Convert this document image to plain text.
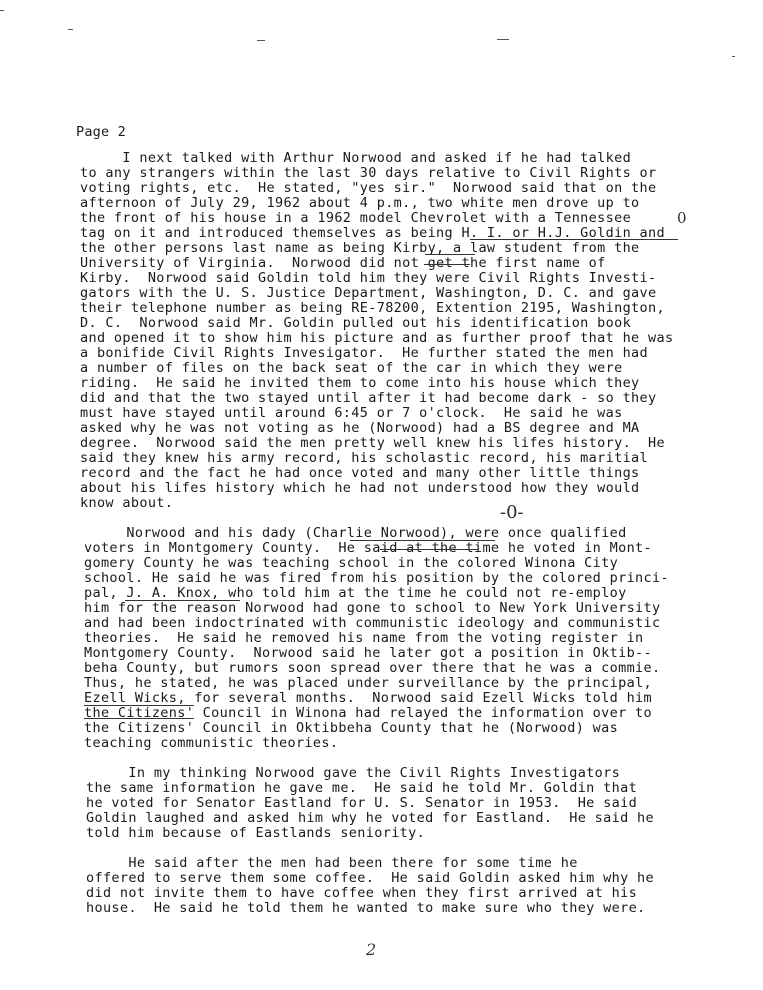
Page 2
I next talked with Arthur Norwood and asked if he had talked
to any strangers within the last 30 days relative to Civil Rights or
voting rights, etc.  He stated, "yes sir."  Norwood said that on the
afternoon of July 29, 1962 about 4 p.m., two white men drove up to
the front of his house in a 1962 model Chevrolet with a Tennessee
tag on it and introduced themselves as being H. I. or H.J. Goldin and
the other persons last name as being Kirby, a law student from the
University of Virginia.  Norwood did not get the first name of
Kirby.  Norwood said Goldin told him they were Civil Rights Investi-
gators with the U. S. Justice Department, Washington, D. C. and gave
their telephone number as being RE-78200, Extention 2195, Washington,
D. C.  Norwood said Mr. Goldin pulled out his identification book
and opened it to show him his picture and as further proof that he was
a bonifide Civil Rights Invesigator.  He further stated the men had
a number of files on the back seat of the car in which they were
riding.  He said he invited them to come into his house which they
did and that the two stayed until after it had become dark - so they
must have stayed until around 6:45 or 7 o'clock.  He said he was
asked why he was not voting as he (Norwood) had a BS degree and MA
degree.  Norwood said the men pretty well knew his lifes history.  He
said they knew his army record, his scholastic record, his maritial
record and the fact he had once voted and many other little things
about his lifes history which he had not understood how they would
know about.
0
Norwood and his dady (Charlie Norwood), were once qualified
voters in Montgomery County.  He said at the time he voted in Mont-
gomery County he was teaching school in the colored Winona City
school. He said he was fired from his position by the colored princi-
pal, J. A. Knox, who told him at the time he could not re-employ
him for the reason Norwood had gone to school to New York University
and had been indoctrinated with communistic ideology and communistic
theories.  He said he removed his name from the voting register in
Montgomery County.  Norwood said he later got a position in Oktib--
beha County, but rumors soon spread over there that he was a commie.
Thus, he stated, he was placed under surveillance by the principal,
Ezell Wicks, for several months.  Norwood said Ezell Wicks told him
the Citizens' Council in Winona had relayed the information over to
the Citizens' Council in Oktibbeha County that he (Norwood) was
teaching communistic theories.
-0-
In my thinking Norwood gave the Civil Rights Investigators
the same information he gave me.  He said he told Mr. Goldin that
he voted for Senator Eastland for U. S. Senator in 1953.  He said
Goldin laughed and asked him why he voted for Eastland.  He said he
told him because of Eastlands seniority.
He said after the men had been there for some time he
offered to serve them some coffee.  He said Goldin asked him why he
did not invite them to have coffee when they first arrived at his
house.  He said he told them he wanted to make sure who they were.
2
